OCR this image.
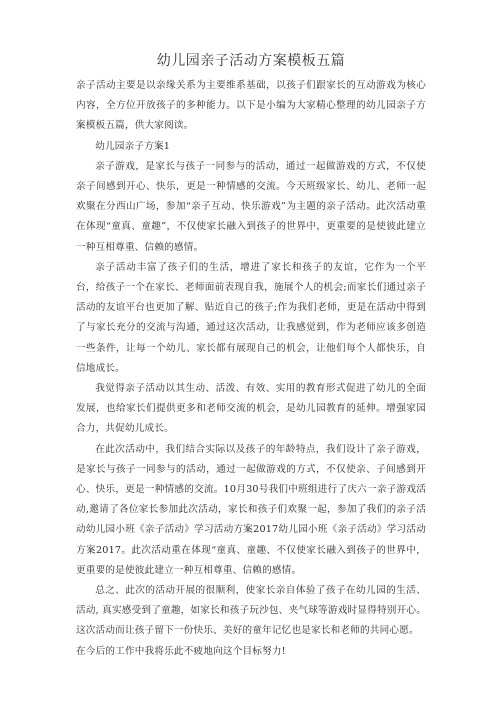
幼儿园亲子活动方案模板五篇

亲子活动主要是以亲缘关系为主要维系基础，以孩子们跟家长的互动游戏为核心内容，全方位开放孩子的多种能力。以下是小编为大家精心整理的幼儿园亲子方案模板五篇，供大家阅读。

幼儿园亲子方案1

亲子游戏，是家长与孩子一同参与的活动，通过一起做游戏的方式，不仅使亲子间感到开心、快乐，更是一种情感的交流。今天班级家长、幼儿、老师一起欢聚在分西山广场，参加“亲子互动、快乐游戏”为主题的亲子活动。此次活动重在体现“童真、童趣”，不仅使家长融入到孩子的世界中，更重要的是使彼此建立一种互相尊重、信赖的感情。

亲子活动丰富了孩子们的生活，增进了家长和孩子的友谊，它作为一个平台，给孩子一个在家长、老师面前表现自我，施展个人的机会;而家长们通过亲子活动的友谊平台也更加了解、贴近自己的孩子;作为我们老师，更是在活动中得到了与家长充分的交流与沟通，通过这次活动，让我感觉到，作为老师应该多创造一些条件，让每一个幼儿、家长都有展现自己的机会，让他们每个人都快乐，自信地成长。

我觉得亲子活动以其生动、活泼、有效、实用的教育形式促进了幼儿的全面发展，也给家长们提供更多和老师交流的机会，是幼儿园教育的延伸。增强家园合力，共促幼儿成长。

在此次活动中，我们结合实际以及孩子的年龄特点，我们设计了亲子游戏，是家长与孩子一同参与的活动，通过一起做游戏的方式，不仅使亲、子间感到开心、快乐，更是一种情感的交流。10月30号我们中班组进行了庆六一亲子游戏活动,邀请了各位家长参加此次活动，家长和孩子们欢聚一起，参加了我们的亲子活动幼儿园小班《亲子活动》学习活动方案2017幼儿园小班《亲子活动》学习活动方案2017。此次活动重在体现“童真、童趣、不仅使家长融入到孩子的世界中，更重要的是使彼此建立一种互相尊重、信赖的感情。

总之、此次的活动开展的很顺利，使家长亲自体验了孩子在幼儿园的生活、活动, 真实感受到了童趣，如家长和孩子玩沙包、夹气球等游戏时显得特别开心。这次活动而让孩子留下一份快乐、美好的童年记忆也是家长和老师的共同心愿。

在今后的工作中我将乐此不疲地向这个目标努力!
